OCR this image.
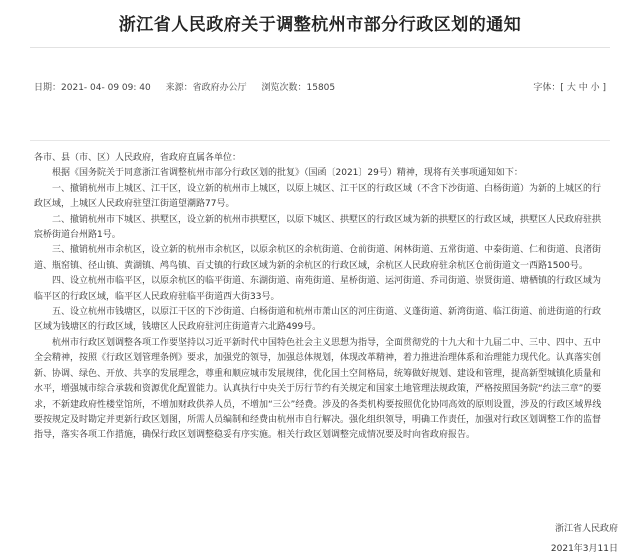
浙江省人民政府关于调整杭州市部分行政区划的通知
日期：2021- 04- 09 09: 40 来源：省政府办公厅 浏览次数：15805	字体：[ 大 中 小 ]

各市、县（市、区）人民政府，省政府直属各单位：

根据《国务院关于同意浙江省调整杭州市部分行政区划的批复》（国函〔2021〕29号）精神，现将有关事项通知如下：

一、撤销杭州市上城区、江干区，设立新的杭州市上城区，以原上城区、江干区的行政区域（不含下沙街道、白杨街道）为新的上城区的行政区域，上城区人民政府驻望江街道望潮路77号。

二、撤销杭州市下城区、拱墅区，设立新的杭州市拱墅区，以原下城区、拱墅区的行政区域为新的拱墅区的行政区域，拱墅区人民政府驻拱宸桥街道台州路1号。

三、撤销杭州市余杭区，设立新的杭州市余杭区，以原余杭区的余杭街道、仓前街道、闲林街道、五常街道、中泰街道、仁和街道、良渚街道、瓶窑镇、径山镇、黄湖镇、鸬鸟镇、百丈镇的行政区域为新的余杭区的行政区域，余杭区人民政府驻余杭区仓前街道文一西路1500号。

四、设立杭州市临平区，以原余杭区的临平街道、东湖街道、南苑街道、星桥街道、运河街道、乔司街道、崇贤街道、塘栖镇的行政区域为临平区的行政区域，临平区人民政府驻临平街道西大街33号。

五、设立杭州市钱塘区，以原江干区的下沙街道、白杨街道和杭州市萧山区的河庄街道、义蓬街道、新湾街道、临江街道、前进街道的行政区域为钱塘区的行政区域，钱塘区人民政府驻河庄街道青六北路499号。

杭州市行政区划调整各项工作要坚持以习近平新时代中国特色社会主义思想为指导，全面贯彻党的十九大和十九届二中、三中、四中、五中全会精神，按照《行政区划管理条例》要求，加强党的领导，加强总体规划，体现改革精神，着力推进治理体系和治理能力现代化。认真落实创新、协调、绿色、开放、共享的发展理念，尊重和顺应城市发展规律，优化国土空间格局，统筹做好规划、建设和管理，提高新型城镇化质量和水平，增强城市综合承载和资源优化配置能力。认真执行中央关于厉行节约有关规定和国家土地管理法规政策，严格按照国务院“约法三章”的要求，不新建政府性楼堂馆所，不增加财政供养人员，不增加“三公”经费。涉及的各类机构要按照优化协同高效的原则设置，涉及的行政区域界线要按规定及时勘定并更新行政区划图，所需人员编制和经费由杭州市自行解决。强化组织领导，明确工作责任，加强对行政区划调整工作的监督指导，落实各项工作措施，确保行政区划调整稳妥有序实施。相关行政区划调整完成情况要及时向省政府报告。

浙江省人民政府
2021年3月11日
